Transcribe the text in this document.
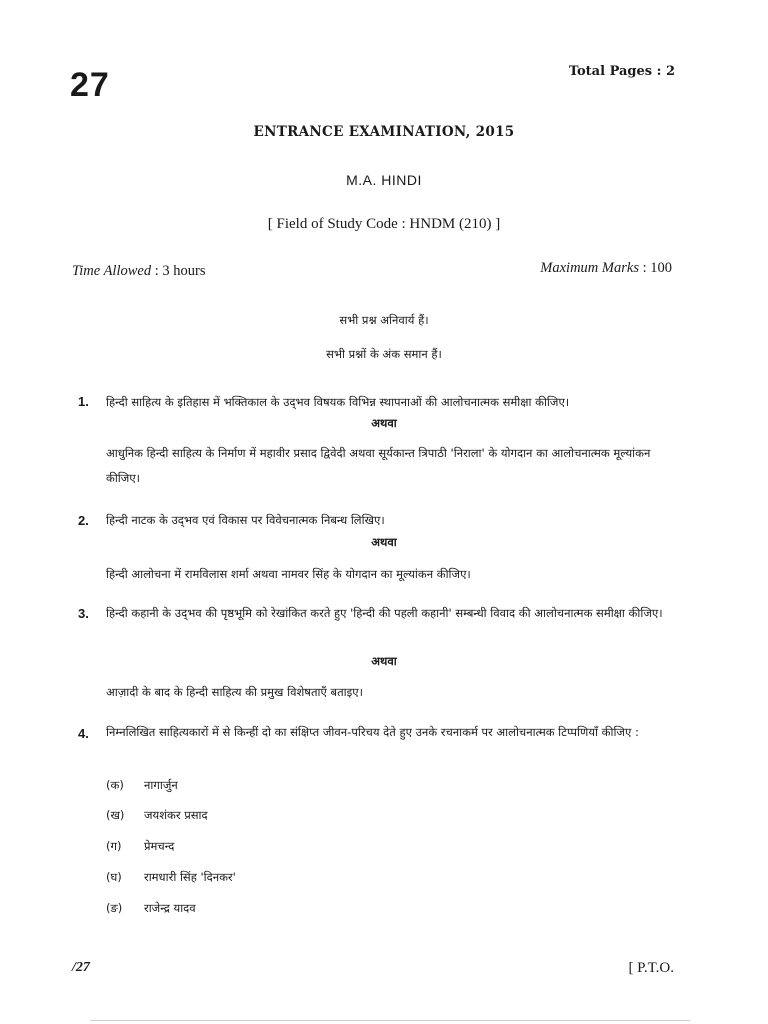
27	Total Pages : 2
ENTRANCE EXAMINATION, 2015
M.A. HINDI
[ Field of Study Code : HNDM (210) ]
Time Allowed : 3 hours	Maximum Marks : 100
सभी प्रश्न अनिवार्य हैं।
सभी प्रश्नों के अंक समान हैं।
1. हिन्दी साहित्य के इतिहास में भक्तिकाल के उद्‌भव विषयक विभिन्न स्थापनाओं की आलोचनात्मक समीक्षा कीजिए।
अथवा
आधुनिक हिन्दी साहित्य के निर्माण में महावीर प्रसाद द्विवेदी अथवा सूर्यकान्त त्रिपाठी 'निराला' के योगदान का आलोचनात्मक मूल्यांकन कीजिए।
2. हिन्दी नाटक के उद्‌भव एवं विकास पर विवेचनात्मक निबन्ध लिखिए।
अथवा
हिन्दी आलोचना में रामविलास शर्मा अथवा नामवर सिंह के योगदान का मूल्यांकन कीजिए।
3. हिन्दी कहानी के उद्‌भव की पृष्ठभूमि को रेखांकित करते हुए 'हिन्दी की पहली कहानी' सम्बन्धी विवाद की आलोचनात्मक समीक्षा कीजिए।
अथवा
आज़ादी के बाद के हिन्दी साहित्य की प्रमुख विशेषताएँ बताइए।
4. निम्नलिखित साहित्यकारों में से किन्हीं दो का संक्षिप्त जीवन-परिचय देते हुए उनके रचनाकर्म पर आलोचनात्मक टिप्पणियाँ कीजिए :
(क) नागार्जुन
(ख) जयशंकर प्रसाद
(ग) प्रेमचन्द
(घ) रामधारी सिंह 'दिनकर'
(ङ) राजेन्द्र यादव
/27	[ P.T.O.
